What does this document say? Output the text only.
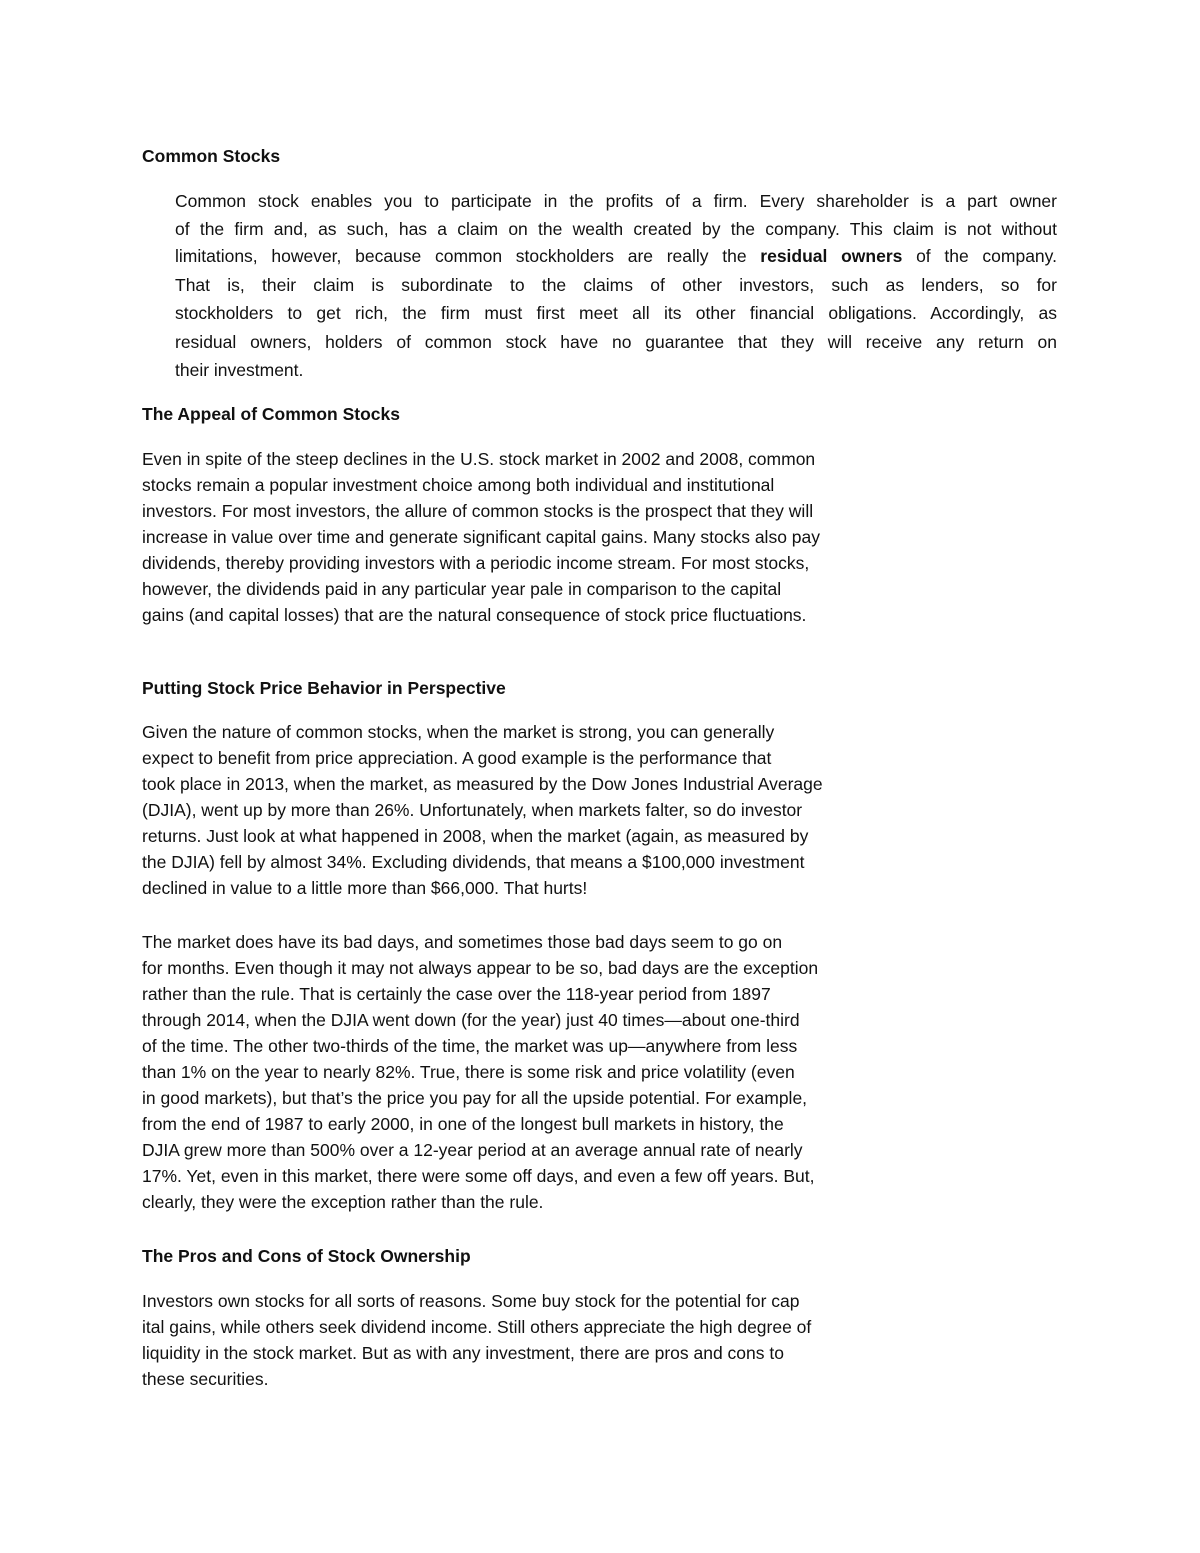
Common Stocks
Common stock enables you to participate in the profits of a firm. Every shareholder is a part owner
of the firm and, as such, has a claim on the wealth created by the company. This claim is not without
limitations, however, because common stockholders are really the residual owners of the company.
That is, their claim is subordinate to the claims of other investors, such as lenders, so for
stockholders to get rich, the firm must first meet all its other financial obligations. Accordingly, as
residual owners, holders of common stock have no guarantee that they will receive any return on
their investment.
The Appeal of Common Stocks
Even in spite of the steep declines in the U.S. stock market in 2002 and 2008, common
stocks remain a popular investment choice among both individual and institutional
investors. For most investors, the allure of common stocks is the prospect that they will
increase in value over time and generate significant capital gains. Many stocks also pay
dividends, thereby providing investors with a periodic income stream. For most stocks,
however, the dividends paid in any particular year pale in comparison to the capital
gains (and capital losses) that are the natural consequence of stock price fluctuations.
Putting Stock Price Behavior in Perspective
Given the nature of common stocks, when the market is strong, you can generally
expect to benefit from price appreciation. A good example is the performance that
took place in 2013, when the market, as measured by the Dow Jones Industrial Average
(DJIA), went up by more than 26%. Unfortunately, when markets falter, so do investor
returns. Just look at what happened in 2008, when the market (again, as measured by
the DJIA) fell by almost 34%. Excluding dividends, that means a $100,000 investment
declined in value to a little more than $66,000. That hurts!
The market does have its bad days, and sometimes those bad days seem to go on
for months. Even though it may not always appear to be so, bad days are the exception
rather than the rule. That is certainly the case over the 118-year period from 1897
through 2014, when the DJIA went down (for the year) just 40 times—about one-third
of the time. The other two-thirds of the time, the market was up—anywhere from less
than 1% on the year to nearly 82%. True, there is some risk and price volatility (even
in good markets), but that’s the price you pay for all the upside potential. For example,
from the end of 1987 to early 2000, in one of the longest bull markets in history, the
DJIA grew more than 500% over a 12-year period at an average annual rate of nearly
17%. Yet, even in this market, there were some off days, and even a few off years. But,
clearly, they were the exception rather than the rule.
The Pros and Cons of Stock Ownership
Investors own stocks for all sorts of reasons. Some buy stock for the potential for cap
ital gains, while others seek dividend income. Still others appreciate the high degree of
liquidity in the stock market. But as with any investment, there are pros and cons to
these securities.
